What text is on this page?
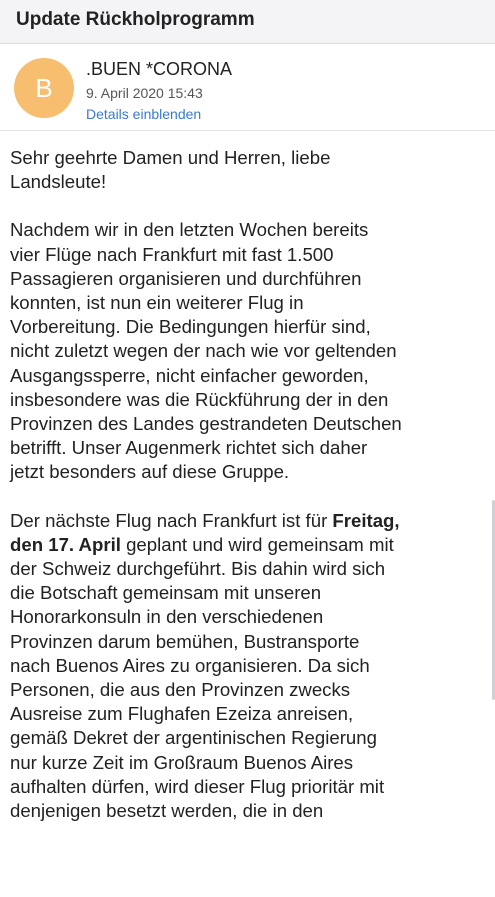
Update Rückholprogramm
B
.BUEN *CORONA
9. April 2020 15:43
Details einblenden
Sehr geehrte Damen und Herren, liebe
Landsleute!
Nachdem wir in den letzten Wochen bereits
vier Flüge nach Frankfurt mit fast 1.500
Passagieren organisieren und durchführen
konnten, ist nun ein weiterer Flug in
Vorbereitung. Die Bedingungen hierfür sind,
nicht zuletzt wegen der nach wie vor geltenden
Ausgangssperre, nicht einfacher geworden,
insbesondere was die Rückführung der in den
Provinzen des Landes gestrandeten Deutschen
betrifft. Unser Augenmerk richtet sich daher
jetzt besonders auf diese Gruppe.
Der nächste Flug nach Frankfurt ist für Freitag,
den 17. April geplant und wird gemeinsam mit
der Schweiz durchgeführt. Bis dahin wird sich
die Botschaft gemeinsam mit unseren
Honorarkonsuln in den verschiedenen
Provinzen darum bemühen, Bustransporte
nach Buenos Aires zu organisieren. Da sich
Personen, die aus den Provinzen zwecks
Ausreise zum Flughafen Ezeiza anreisen,
gemäß Dekret der argentinischen Regierung
nur kurze Zeit im Großraum Buenos Aires
aufhalten dürfen, wird dieser Flug prioritär mit
denjenigen besetzt werden, die in den
